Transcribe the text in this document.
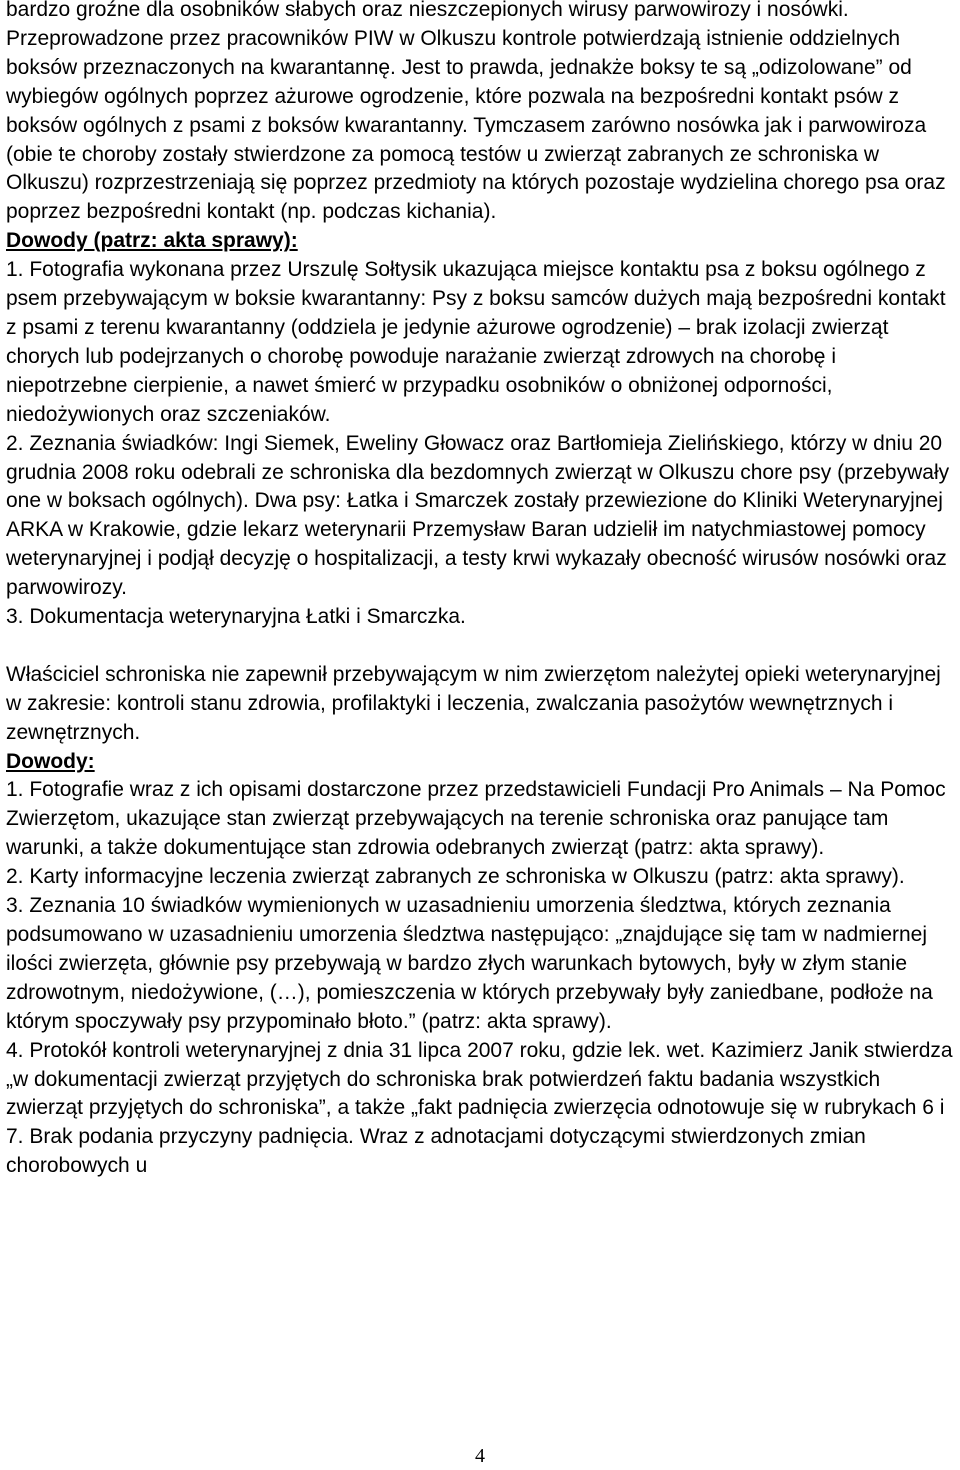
bardzo groźne dla osobników słabych oraz nieszczepionych wirusy parwowirozy i nosówki.

Przeprowadzone przez pracowników PIW w Olkuszu kontrole potwierdzają istnienie oddzielnych boksów przeznaczonych na kwarantannę. Jest to prawda, jednakże boksy te są „odizolowane” od wybiegów ogólnych poprzez ażurowe ogrodzenie, które pozwala na bezpośredni kontakt psów z boksów ogólnych z psami z boksów kwarantanny. Tymczasem zarówno nosówka jak i parwowiroza (obie te choroby zostały stwierdzone za pomocą testów u zwierząt zabranych ze schroniska w Olkuszu) rozprzestrzeniają się poprzez przedmioty na których pozostaje wydzielina chorego psa oraz poprzez bezpośredni kontakt (np. podczas kichania).

Dowody (patrz: akta sprawy):

1. Fotografia wykonana przez Urszulę Sołtysik ukazująca miejsce kontaktu psa z boksu ogólnego z psem przebywającym w boksie kwarantanny: Psy z boksu samców dużych mają bezpośredni kontakt z psami z terenu kwarantanny (oddziela je jedynie ażurowe ogrodzenie) – brak izolacji zwierząt chorych lub podejrzanych o chorobę powoduje narażanie zwierząt zdrowych na chorobę i niepotrzebne cierpienie, a nawet śmierć w przypadku osobników o obniżonej odporności, niedożywionych oraz szczeniaków.

2. Zeznania świadków: Ingi Siemek, Eweliny Głowacz oraz Bartłomieja Zielińskiego, którzy w dniu 20 grudnia 2008 roku odebrali ze schroniska dla bezdomnych zwierząt w Olkuszu chore psy (przebywały one w boksach ogólnych). Dwa psy: Łatka i Smarczek zostały przewiezione do Kliniki Weterynaryjnej ARKA w Krakowie, gdzie lekarz weterynarii Przemysław Baran udzielił im natychmiastowej pomocy weterynaryjnej i podjął decyzję o hospitalizacji, a testy krwi wykazały obecność wirusów nosówki oraz parwowirozy.

3. Dokumentacja weterynaryjna Łatki i Smarczka.

Właściciel schroniska nie zapewnił przebywającym w nim zwierzętom należytej opieki weterynaryjnej w zakresie: kontroli stanu zdrowia, profilaktyki i leczenia, zwalczania pasożytów wewnętrznych i zewnętrznych.

Dowody:

1. Fotografie wraz z ich opisami dostarczone przez przedstawicieli Fundacji Pro Animals – Na Pomoc Zwierzętom, ukazujące stan zwierząt przebywających na terenie schroniska oraz panujące tam warunki, a także dokumentujące stan zdrowia odebranych zwierząt (patrz: akta sprawy).

2. Karty informacyjne leczenia zwierząt zabranych ze schroniska w Olkuszu (patrz: akta sprawy).

3. Zeznania 10 świadków wymienionych w uzasadnieniu umorzenia śledztwa, których zeznania podsumowano w uzasadnieniu umorzenia śledztwa następująco: „znajdujące się tam w nadmiernej ilości zwierzęta, głównie psy przebywają w bardzo złych warunkach bytowych, były w złym stanie zdrowotnym, niedożywione, (…), pomieszczenia w których przebywały były zaniedbane, podłoże na którym spoczywały psy przypominało błoto.” (patrz: akta sprawy).

4. Protokół kontroli weterynaryjnej z dnia 31 lipca 2007 roku, gdzie lek. wet. Kazimierz Janik stwierdza „w dokumentacji zwierząt przyjętych do schroniska brak potwierdzeń faktu badania wszystkich zwierząt przyjętych do schroniska”, a także „fakt padnięcia zwierzęcia odnotowuje się w rubrykach 6 i 7. Brak podania przyczyny padnięcia. Wraz z adnotacjami dotyczącymi stwierdzonych zmian chorobowych u

4
